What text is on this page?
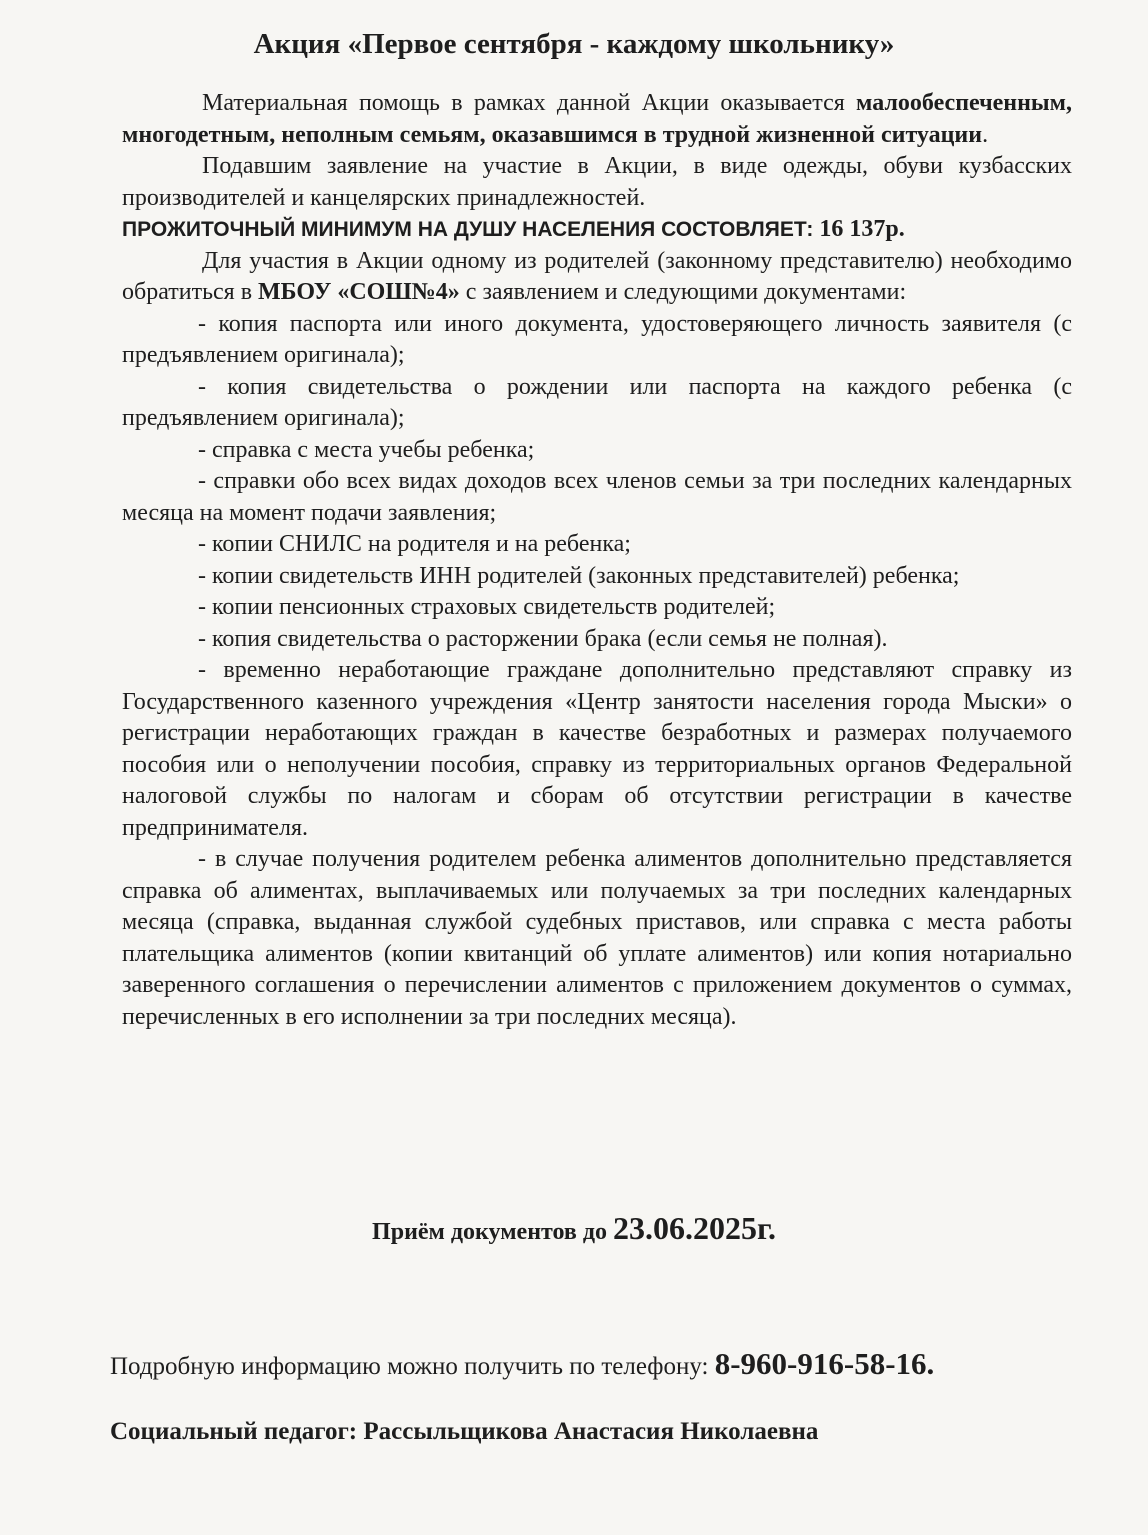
Акция «Первое сентября - каждому школьнику»

Материальная помощь в рамках данной Акции оказывается малообеспеченным, многодетным, неполным семьям, оказавшимся в трудной жизненной ситуации.

Подавшим заявление на участие в Акции, в виде одежды, обуви кузбасских производителей и канцелярских принадлежностей.

ПРОЖИТОЧНЫЙ МИНИМУМ НА ДУШУ НАСЕЛЕНИЯ СОСТОВЛЯЕТ: 16 137р.

Для участия в Акции одному из родителей (законному представителю) необходимо обратиться в МБОУ «СОШ№4» с заявлением и следующими документами:

- копия паспорта или иного документа, удостоверяющего личность заявителя (с предъявлением оригинала);

- копия свидетельства о рождении или паспорта на каждого ребенка (с предъявлением оригинала);

- справка с места учебы ребенка;

- справки обо всех видах доходов всех членов семьи за три последних календарных месяца на момент подачи заявления;

- копии СНИЛС на родителя и на ребенка;

- копии свидетельств ИНН родителей (законных представителей) ребенка;

- копии пенсионных страховых свидетельств родителей;

- копия свидетельства о расторжении брака (если семья не полная).

- временно неработающие граждане дополнительно представляют справку из Государственного казенного учреждения «Центр занятости населения города Мыски» о регистрации неработающих граждан в качестве безработных и размерах получаемого пособия или о неполучении пособия, справку из территориальных органов Федеральной налоговой службы по налогам и сборам об отсутствии регистрации в качестве предпринимателя.

- в случае получения родителем ребенка алиментов дополнительно представляется справка об алиментах, выплачиваемых или получаемых за три последних календарных месяца (справка, выданная службой судебных приставов, или справка с места работы плательщика алиментов (копии квитанций об уплате алиментов) или копия нотариально заверенного соглашения о перечислении алиментов с приложением документов о суммах, перечисленных в его исполнении за три последних месяца).

Приём документов до 23.06.2025г.
Подробную информацию можно получить по телефону: 8-960-916-58-16.
Социальный педагог: Рассыльщикова Анастасия Николаевна
